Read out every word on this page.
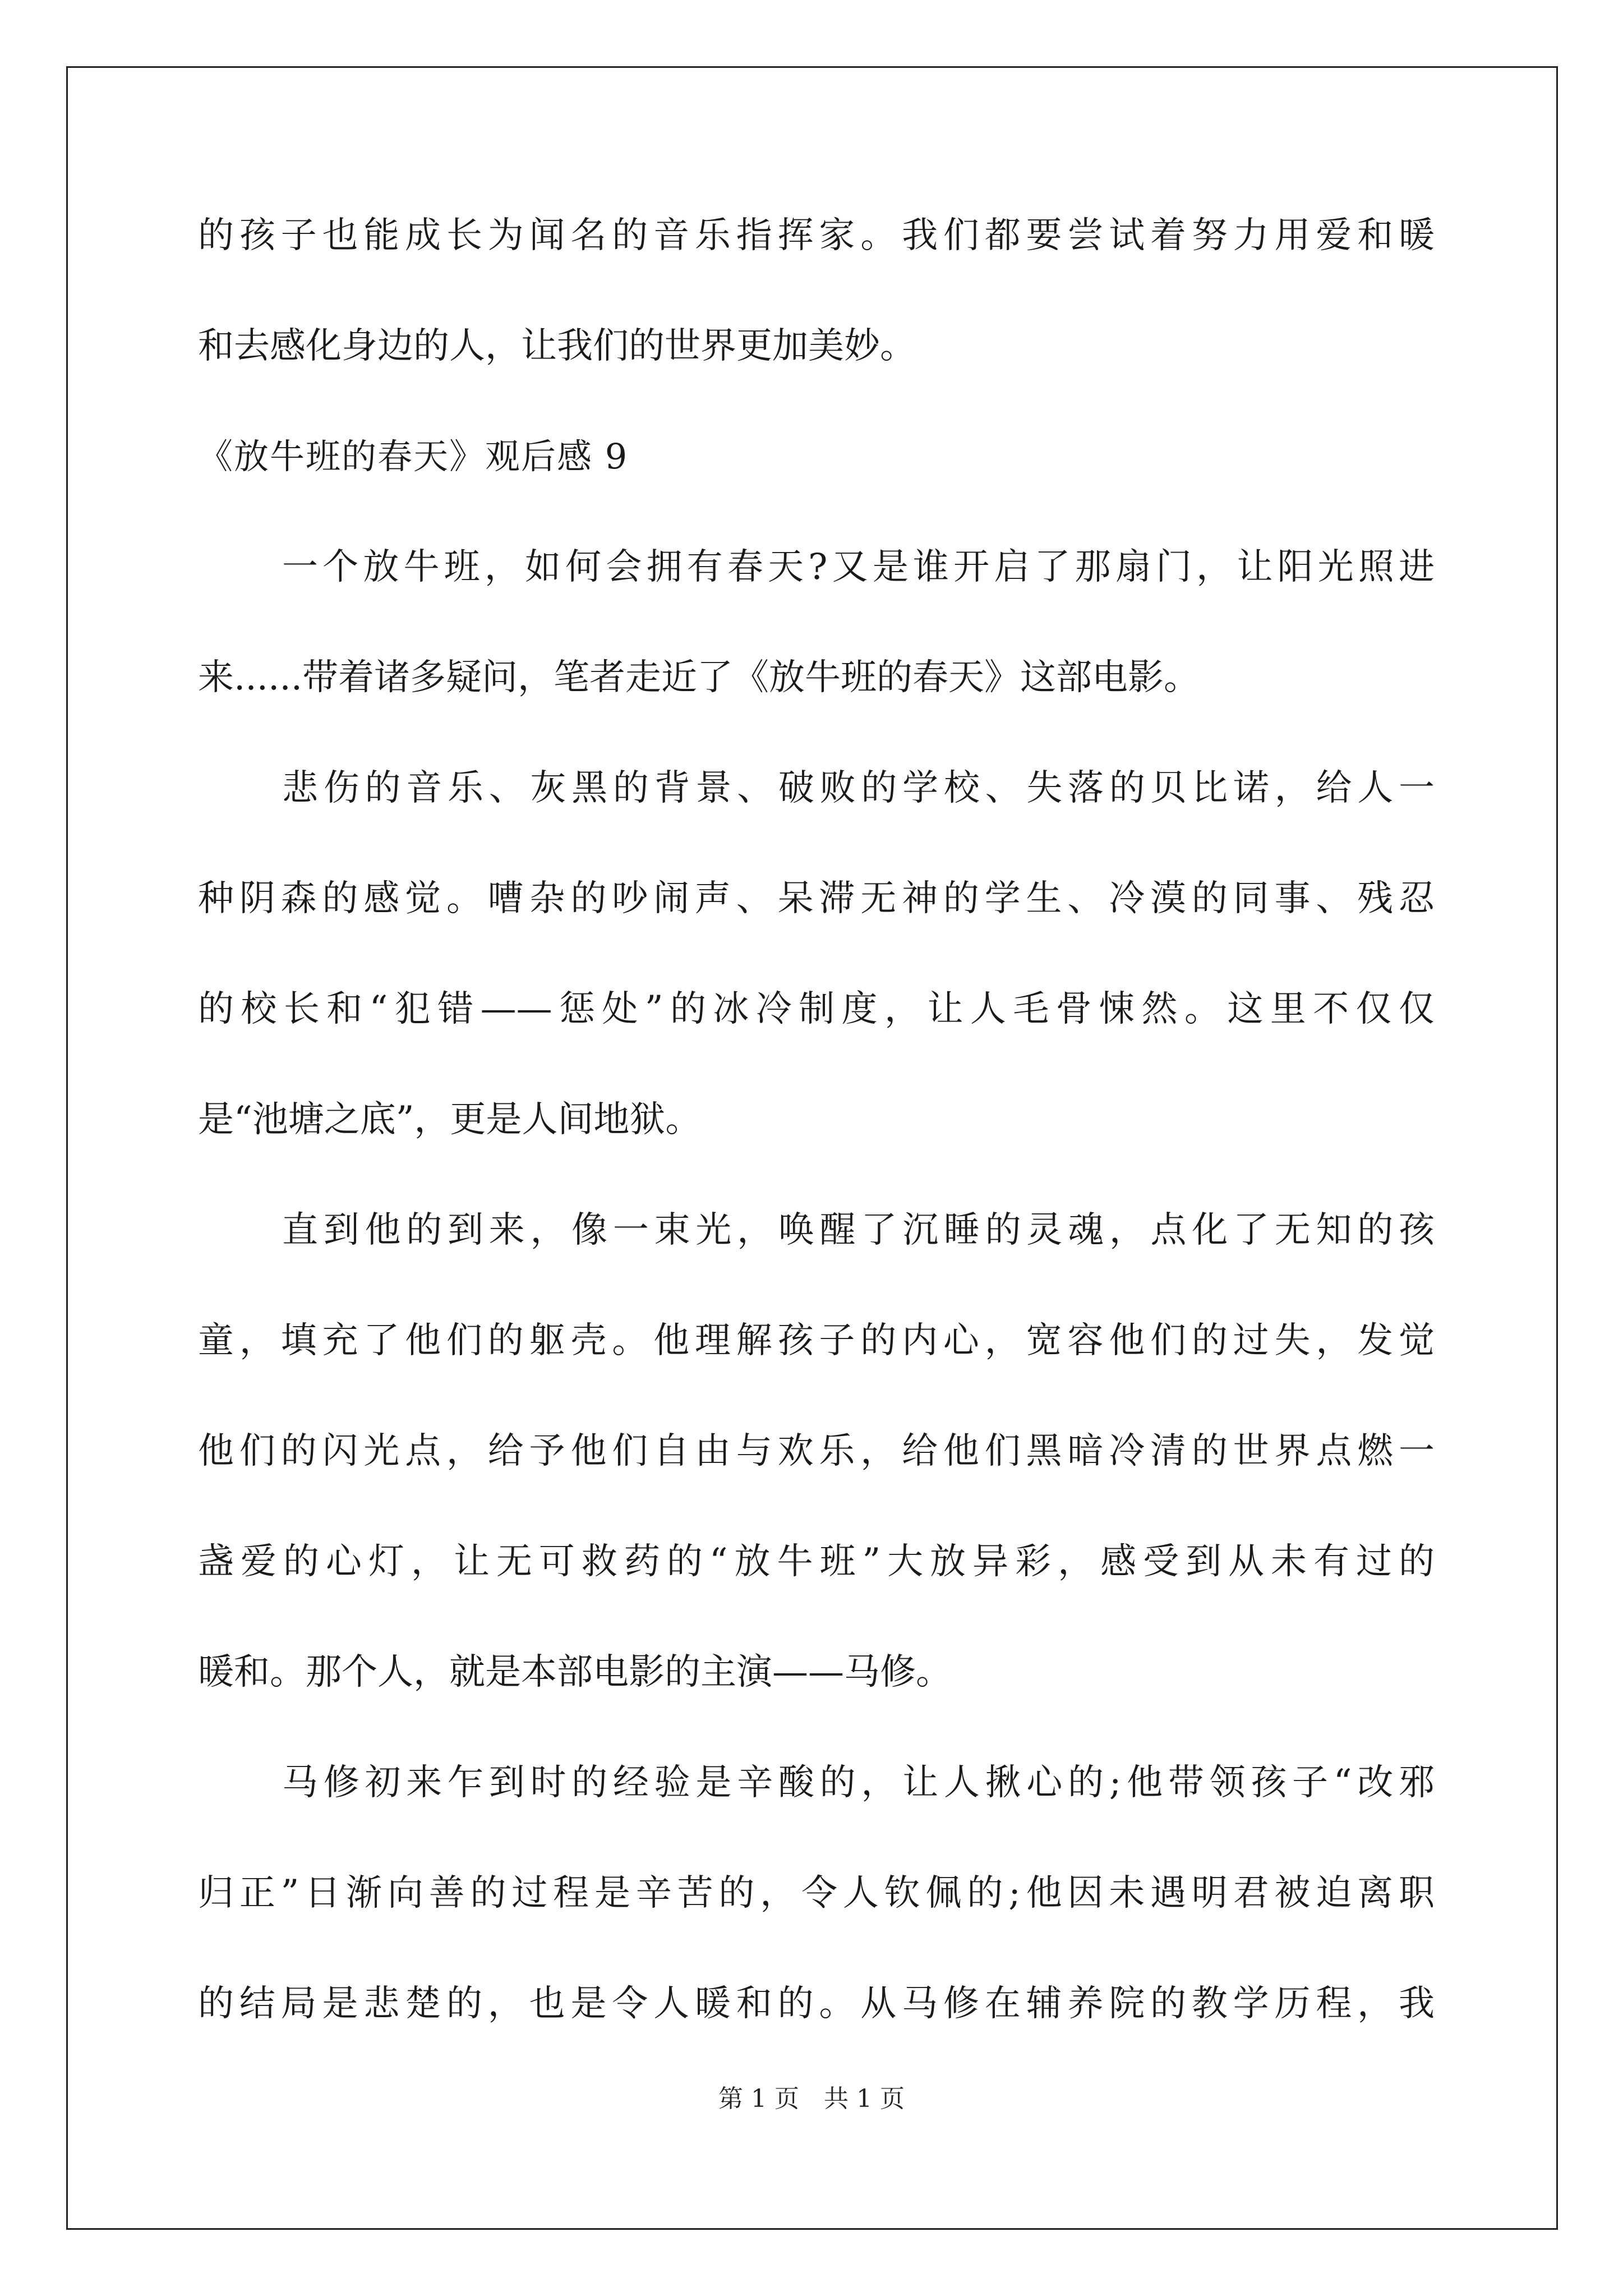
的孩子也能成长为闻名的音乐指挥家。我们都要尝试着努力用爱和暖
和去感化身边的人，让我们的世界更加美妙。
《放牛班的春天》观后感 9
一个放牛班，如何会拥有春天?又是谁开启了那扇门，让阳光照进
来......带着诸多疑问，笔者走近了《放牛班的春天》这部电影。
悲伤的音乐、灰黑的背景、破败的学校、失落的贝比诺，给人一
种阴森的感觉。嘈杂的吵闹声、呆滞无神的学生、冷漠的同事、残忍
的校长和“犯错——惩处”的冰冷制度，让人毛骨悚然。这里不仅仅
是“池塘之底”，更是人间地狱。
直到他的到来，像一束光，唤醒了沉睡的灵魂，点化了无知的孩
童，填充了他们的躯壳。他理解孩子的内心，宽容他们的过失，发觉
他们的闪光点，给予他们自由与欢乐，给他们黑暗冷清的世界点燃一
盏爱的心灯，让无可救药的“放牛班”大放异彩，感受到从未有过的
暖和。那个人，就是本部电影的主演——马修。
马修初来乍到时的经验是辛酸的，让人揪心的;他带领孩子“改邪
归正”日渐向善的过程是辛苦的，令人钦佩的;他因未遇明君被迫离职
的结局是悲楚的，也是令人暖和的。从马修在辅养院的教学历程，我
第 1 页　共 1 页
